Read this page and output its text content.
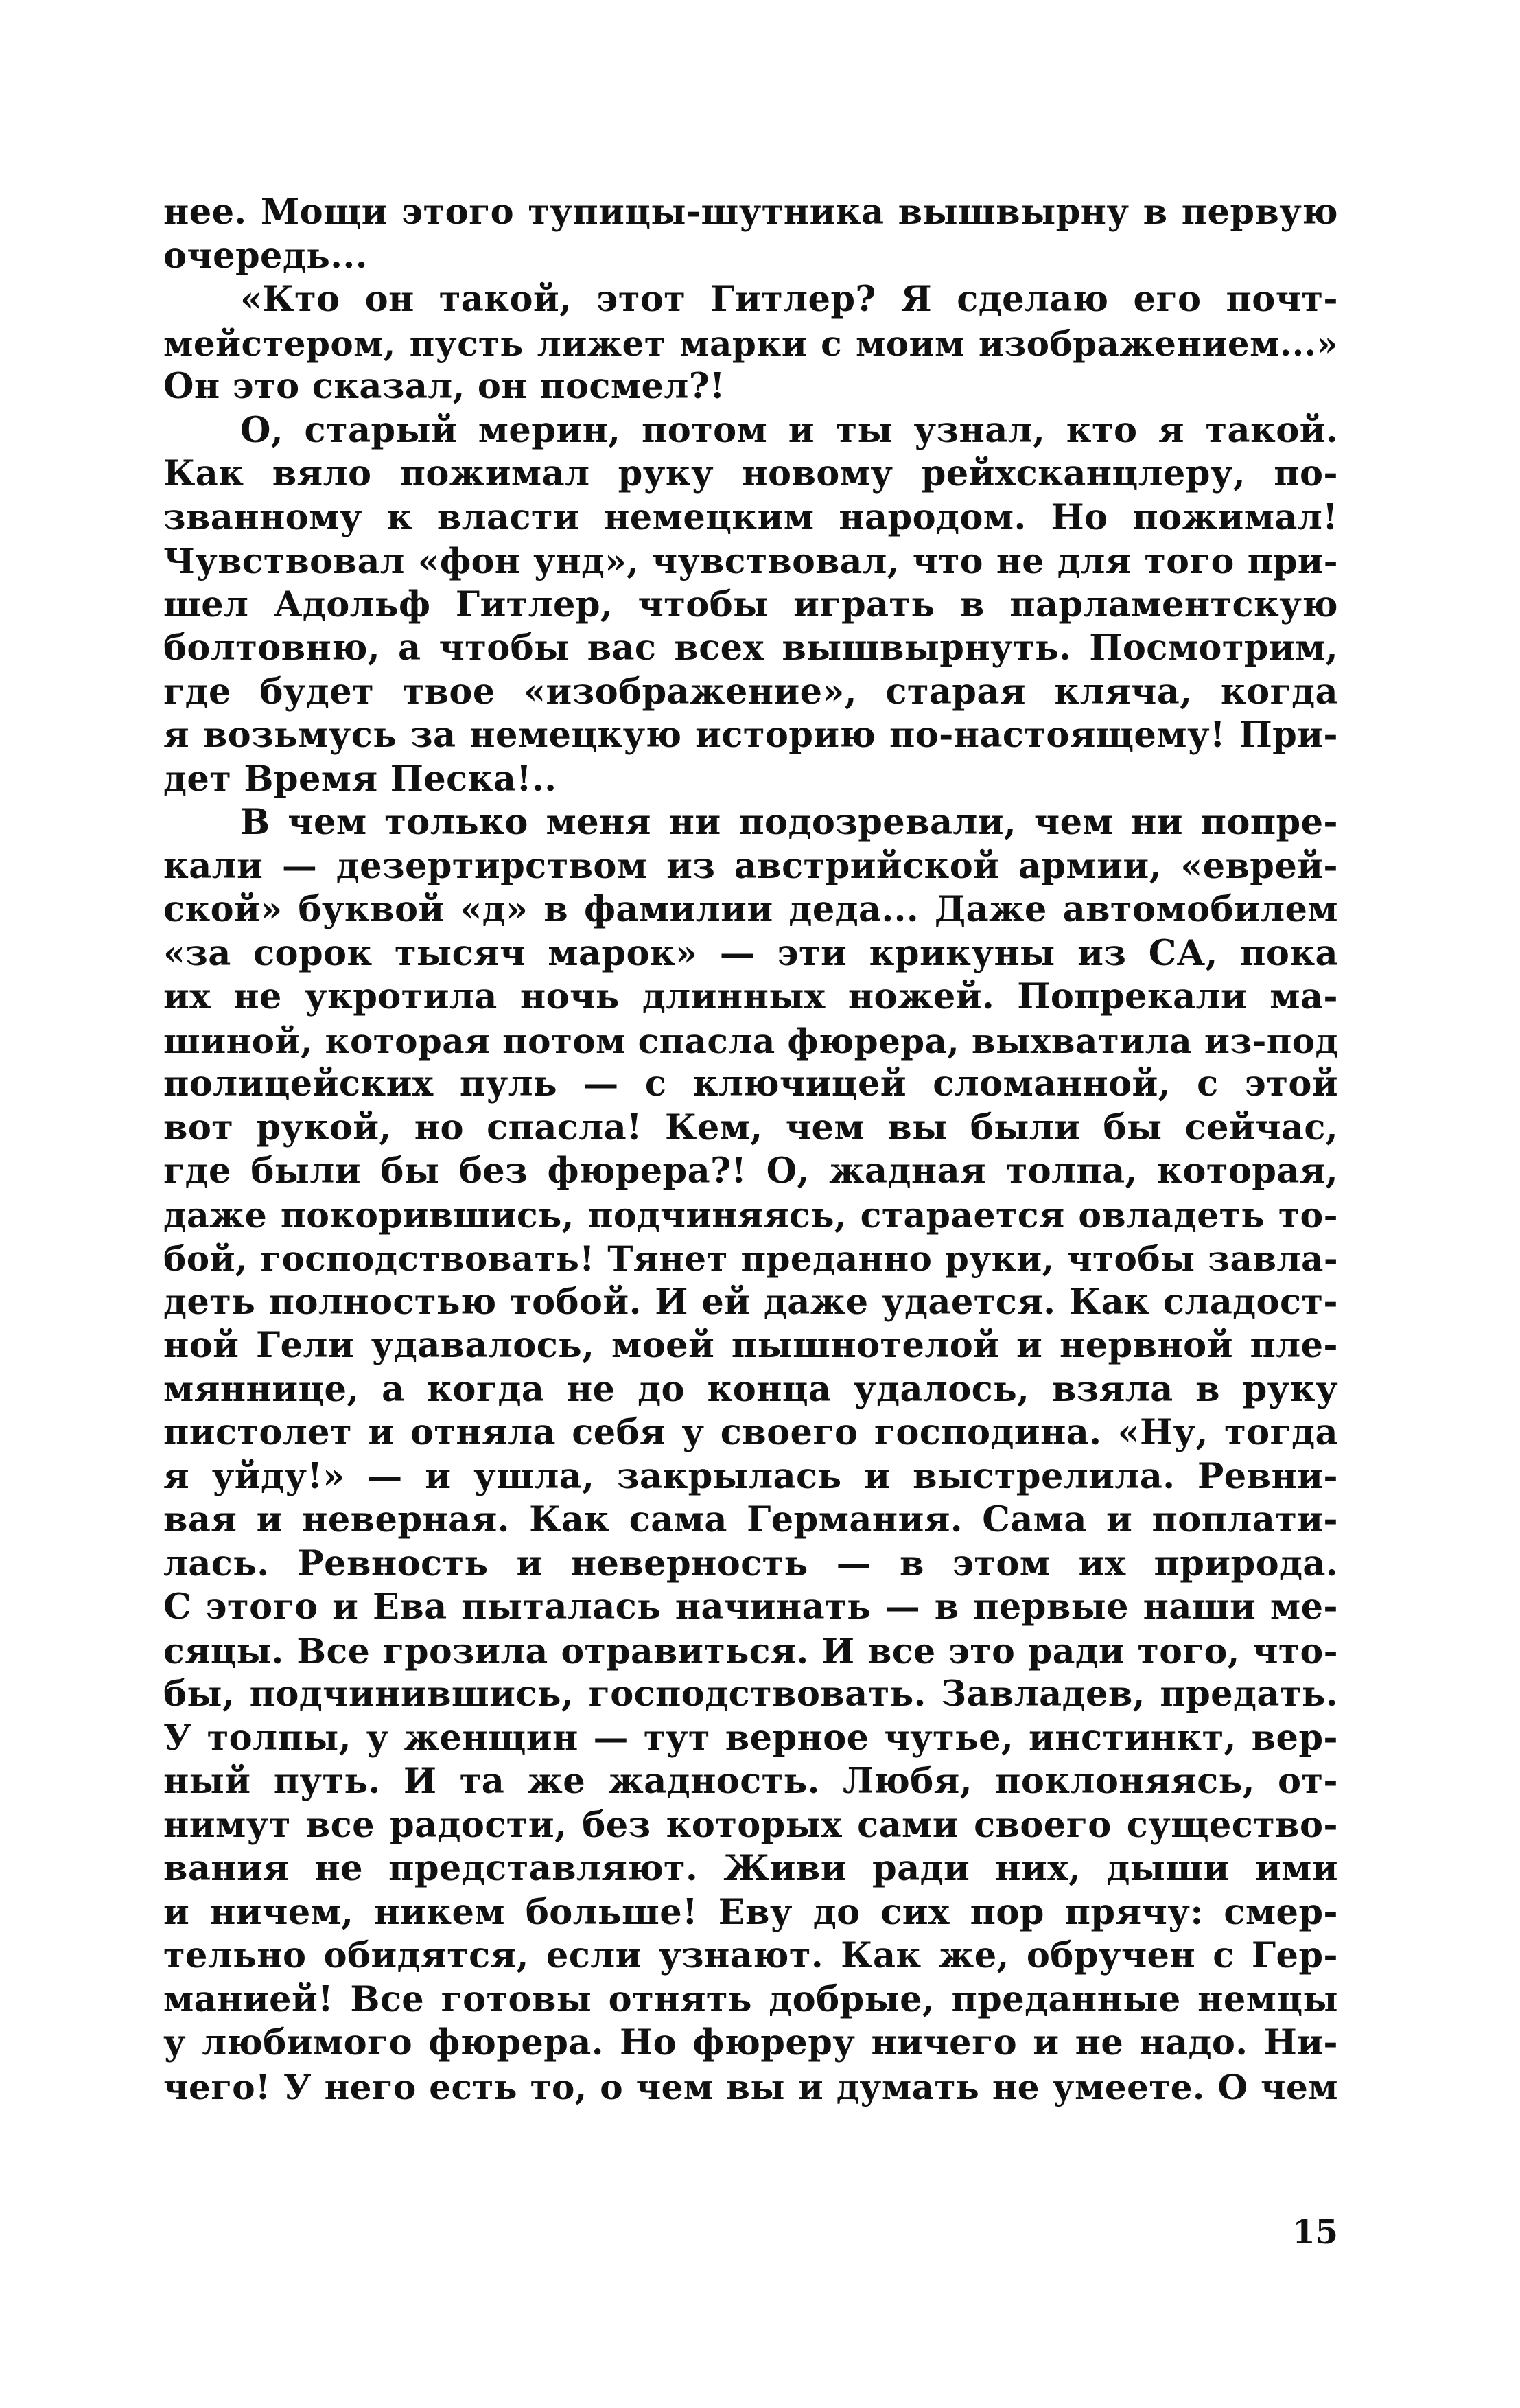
нее. Мощи этого тупицы-шутника вышвырну в первую
очередь...
«Кто он такой, этот Гитлер? Я сделаю его почт-
мейстером, пусть лижет марки с моим изображением...»
Он это сказал, он посмел?!
О, старый мерин, потом и ты узнал, кто я такой.
Как вяло пожимал руку новому рейхсканцлеру, по-
званному к власти немецким народом. Но пожимал!
Чувствовал «фон унд», чувствовал, что не для того при-
шел Адольф Гитлер, чтобы играть в парламентскую
болтовню, а чтобы вас всех вышвырнуть. Посмотрим,
где будет твое «изображение», старая кляча, когда
я возьмусь за немецкую историю по-настоящему! При-
дет Время Песка!..
В чем только меня ни подозревали, чем ни попре-
кали — дезертирством из австрийской армии, «еврей-
ской» буквой «д» в фамилии деда... Даже автомобилем
«за сорок тысяч марок» — эти крикуны из СА, пока
их не укротила ночь длинных ножей. Попрекали ма-
шиной, которая потом спасла фюрера, выхватила из-под
полицейских пуль — с ключицей сломанной, с этой
вот рукой, но спасла! Кем, чем вы были бы сейчас,
где были бы без фюрера?! О, жадная толпа, которая,
даже покорившись, подчиняясь, старается овладеть то-
бой, господствовать! Тянет преданно руки, чтобы завла-
деть полностью тобой. И ей даже удается. Как сладост-
ной Гели удавалось, моей пышнотелой и нервной пле-
мяннице, а когда не до конца удалось, взяла в руку
пистолет и отняла себя у своего господина. «Ну, тогда
я уйду!» — и ушла, закрылась и выстрелила. Ревни-
вая и неверная. Как сама Германия. Сама и поплати-
лась. Ревность и неверность — в этом их природа.
С этого и Ева пыталась начинать — в первые наши ме-
сяцы. Все грозила отравиться. И все это ради того, что-
бы, подчинившись, господствовать. Завладев, предать.
У толпы, у женщин — тут верное чутье, инстинкт, вер-
ный путь. И та же жадность. Любя, поклоняясь, от-
нимут все радости, без которых сами своего существо-
вания не представляют. Живи ради них, дыши ими
и ничем, никем больше! Еву до сих пор прячу: смер-
тельно обидятся, если узнают. Как же, обручен с Гер-
манией! Все готовы отнять добрые, преданные немцы
у любимого фюрера. Но фюреру ничего и не надо. Ни-
чего! У него есть то, о чем вы и думать не умеете. О чем
15
